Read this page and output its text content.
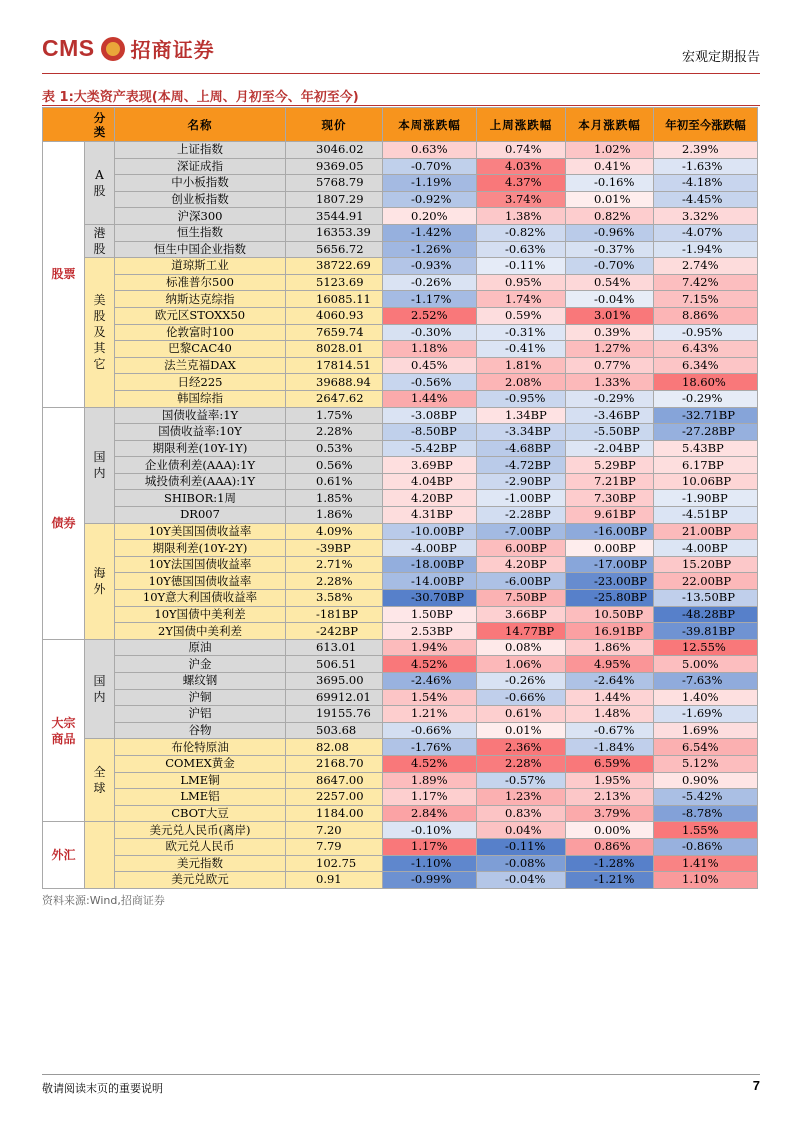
CMS 招商证券	宏观定期报告
表 1:大类资产表现(本周、上周、月初至今、年初至今)
分类		名称	现价	本周涨跌幅	上周涨跌幅	本月涨跌幅	年初至今涨跌幅
股票	A股	上证指数	3046.02	0.63%	0.74%	1.02%	2.39%
		深证成指	9369.05	-0.70%	4.03%	0.41%	-1.63%
		中小板指数	5768.79	-1.19%	4.37%	-0.16%	-4.18%
		创业板指数	1807.29	-0.92%	3.74%	0.01%	-4.45%
		沪深300	3544.91	0.20%	1.38%	0.82%	3.32%
	港股	恒生指数	16353.39	-1.42%	-0.82%	-0.96%	-4.07%
		恒生中国企业指数	5656.72	-1.26%	-0.63%	-0.37%	-1.94%
	美股及其它	道琼斯工业	38722.69	-0.93%	-0.11%	-0.70%	2.74%
		标准普尔500	5123.69	-0.26%	0.95%	0.54%	7.42%
		纳斯达克综指	16085.11	-1.17%	1.74%	-0.04%	7.15%
		欧元区STOXX50	4060.93	2.52%	0.59%	3.01%	8.86%
		伦敦富时100	7659.74	-0.30%	-0.31%	0.39%	-0.95%
		巴黎CAC40	8028.01	1.18%	-0.41%	1.27%	6.43%
		法兰克福DAX	17814.51	0.45%	1.81%	0.77%	6.34%
		日经225	39688.94	-0.56%	2.08%	1.33%	18.60%
		韩国综指	2647.62	1.44%	-0.95%	-0.29%	-0.29%
债券	国内	国债收益率:1Y	1.75%	-3.08BP	1.34BP	-3.46BP	-32.71BP
		国债收益率:10Y	2.28%	-8.50BP	-3.34BP	-5.50BP	-27.28BP
		期限利差(10Y-1Y)	0.53%	-5.42BP	-4.68BP	-2.04BP	5.43BP
		企业债利差(AAA):1Y	0.56%	3.69BP	-4.72BP	5.29BP	6.17BP
		城投债利差(AAA):1Y	0.61%	4.04BP	-2.90BP	7.21BP	10.06BP
		SHIBOR:1周	1.85%	4.20BP	-1.00BP	7.30BP	-1.90BP
		DR007	1.86%	4.31BP	-2.28BP	9.61BP	-4.51BP
	海外	10Y美国国债收益率	4.09%	-10.00BP	-7.00BP	-16.00BP	21.00BP
		期限利差(10Y-2Y)	-39BP	-4.00BP	6.00BP	0.00BP	-4.00BP
		10Y法国国债收益率	2.71%	-18.00BP	4.20BP	-17.00BP	15.20BP
		10Y德国国债收益率	2.28%	-14.00BP	-6.00BP	-23.00BP	22.00BP
		10Y意大利国债收益率	3.58%	-30.70BP	7.50BP	-25.80BP	-13.50BP
		10Y国债中美利差	-181BP	1.50BP	3.66BP	10.50BP	-48.28BP
		2Y国债中美利差	-242BP	2.53BP	14.77BP	16.91BP	-39.81BP
大宗商品	国内	原油	613.01	1.94%	0.08%	1.86%	12.55%
		沪金	506.51	4.52%	1.06%	4.95%	5.00%
		螺纹钢	3695.00	-2.46%	-0.26%	-2.64%	-7.63%
		沪铜	69912.01	1.54%	-0.66%	1.44%	1.40%
		沪铝	19155.76	1.21%	0.61%	1.48%	-1.69%
		谷物	503.68	-0.66%	0.01%	-0.67%	1.69%
	全球	布伦特原油	82.08	-1.76%	2.36%	-1.84%	6.54%
		COMEX黄金	2168.70	4.52%	2.28%	6.59%	5.12%
		LME铜	8647.00	1.89%	-0.57%	1.95%	0.90%
		LME铝	2257.00	1.17%	1.23%	2.13%	-5.42%
		CBOT大豆	1184.00	2.84%	0.83%	3.79%	-8.78%
外汇		美元兑人民币(离岸)	7.20	-0.10%	0.04%	0.00%	1.55%
		欧元兑人民币	7.79	1.17%	-0.11%	0.86%	-0.86%
		美元指数	102.75	-1.10%	-0.08%	-1.28%	1.41%
		美元兑欧元	0.91	-0.99%	-0.04%	-1.21%	1.10%
资料来源:Wind,招商证券
敬请阅读末页的重要说明	7
